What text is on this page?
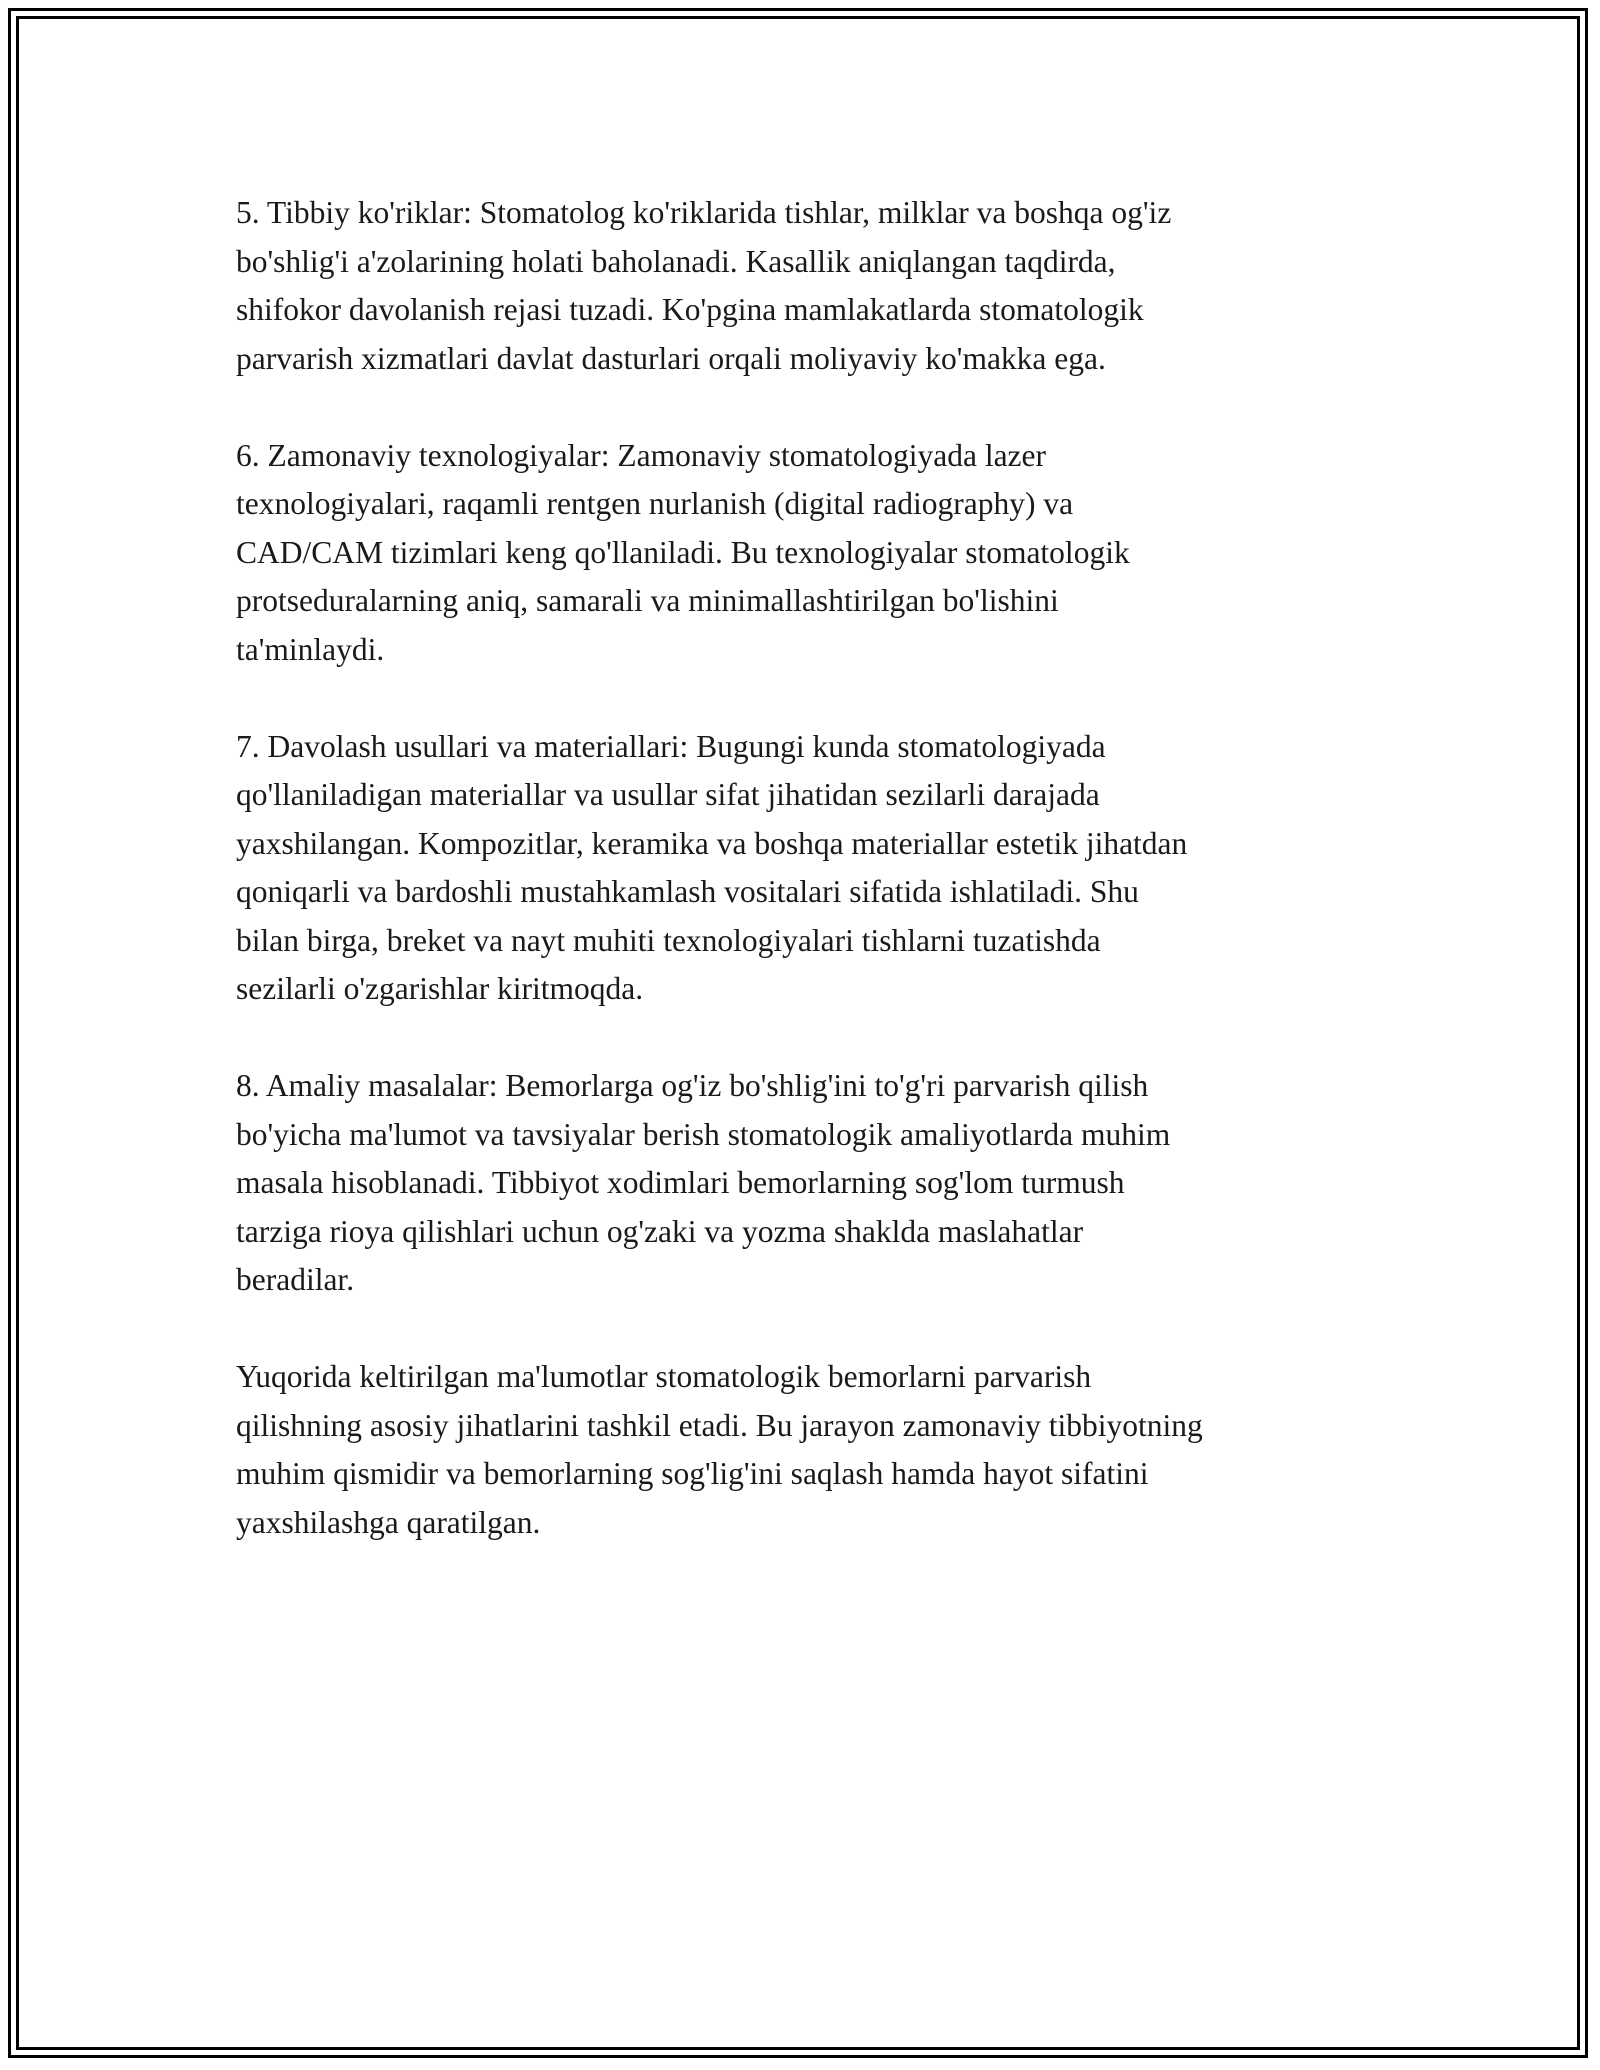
5. Tibbiy ko'riklar: Stomatolog ko'riklarida tishlar, milklar va boshqa og'iz
bo'shlig'i a'zolarining holati baholanadi. Kasallik aniqlangan taqdirda,
shifokor davolanish rejasi tuzadi. Ko'pgina mamlakatlarda stomatologik
parvarish xizmatlari davlat dasturlari orqali moliyaviy ko'makka ega.

6. Zamonaviy texnologiyalar: Zamonaviy stomatologiyada lazer
texnologiyalari, raqamli rentgen nurlanish (digital radiography) va
CAD/CAM tizimlari keng qo'llaniladi. Bu texnologiyalar stomatologik
protseduralarning aniq, samarali va minimallashtirilgan bo'lishini
ta'minlaydi.

7. Davolash usullari va materiallari: Bugungi kunda stomatologiyada
qo'llaniladigan materiallar va usullar sifat jihatidan sezilarli darajada
yaxshilangan. Kompozitlar, keramika va boshqa materiallar estetik jihatdan
qoniqarli va bardoshli mustahkamlash vositalari sifatida ishlatiladi. Shu
bilan birga, breket va nayt muhiti texnologiyalari tishlarni tuzatishda
sezilarli o'zgarishlar kiritmoqda.

8. Amaliy masalalar: Bemorlarga og'iz bo'shlig'ini to'g'ri parvarish qilish
bo'yicha ma'lumot va tavsiyalar berish stomatologik amaliyotlarda muhim
masala hisoblanadi. Tibbiyot xodimlari bemorlarning sog'lom turmush
tarziga rioya qilishlari uchun og'zaki va yozma shaklda maslahatlar
beradilar.

Yuqorida keltirilgan ma'lumotlar stomatologik bemorlarni parvarish
qilishning asosiy jihatlarini tashkil etadi. Bu jarayon zamonaviy tibbiyotning
muhim qismidir va bemorlarning sog'lig'ini saqlash hamda hayot sifatini
yaxshilashga qaratilgan.
